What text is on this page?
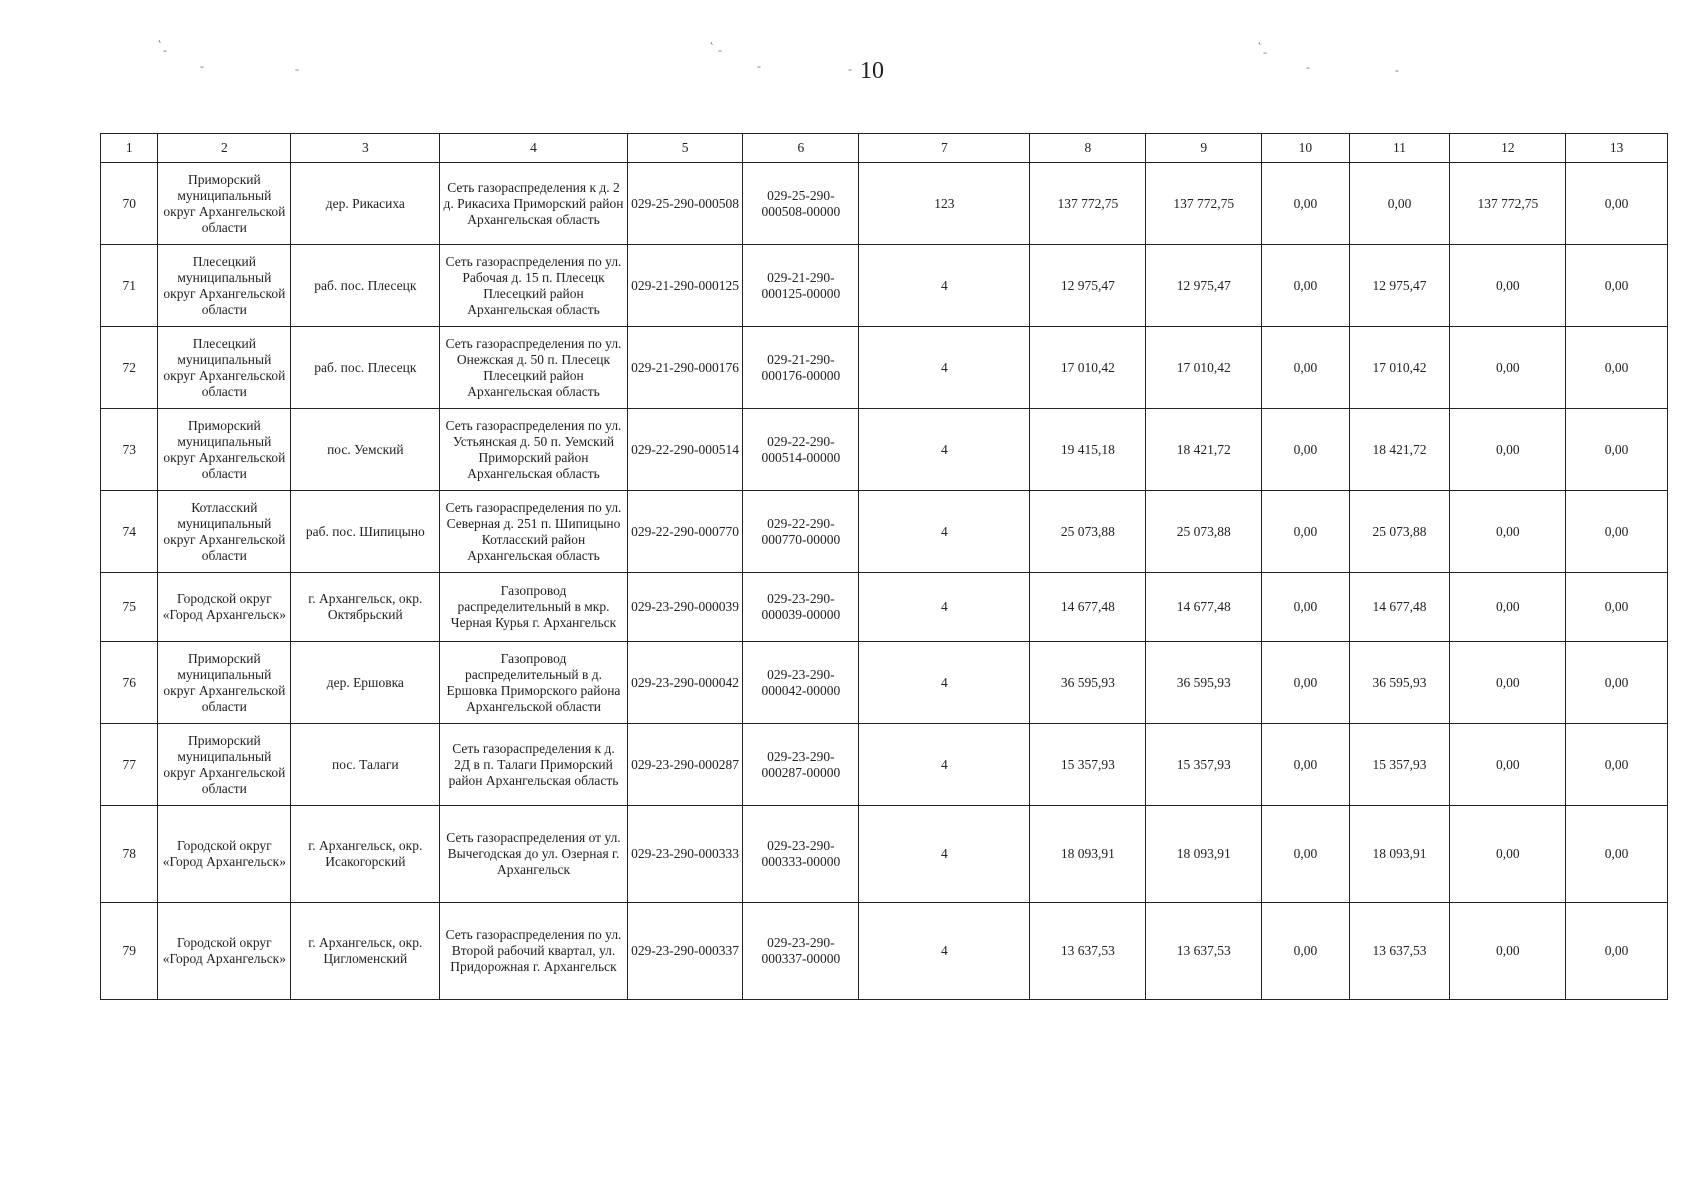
˛
-
-	-
˛
-
-
˛
-
-	-
- 10
1	2	3	4	5	6	7	8	9	10	11	12	13
70	Приморский муниципальный округ Архангельской области	дер. Рикасиха	Сеть газораспределения к д. 2 д. Рикасиха Приморский район Архангельская область	029-25-290-000508	029-25-290-000508-00000	123	137 772,75	137 772,75	0,00	0,00	137 772,75	0,00
71	Плесецкий муниципальный округ Архангельской области	раб. пос. Плесецк	Сеть газораспределения по ул. Рабочая д. 15 п. Плесецк Плесецкий район Архангельская область	029-21-290-000125	029-21-290-000125-00000	4	12 975,47	12 975,47	0,00	12 975,47	0,00	0,00
72	Плесецкий муниципальный округ Архангельской области	раб. пос. Плесецк	Сеть газораспределения по ул. Онежская д. 50 п. Плесецк Плесецкий район Архангельская область	029-21-290-000176	029-21-290-000176-00000	4	17 010,42	17 010,42	0,00	17 010,42	0,00	0,00
73	Приморский муниципальный округ Архангельской области	пос. Уемский	Сеть газораспределения по ул. Устьянская д. 50 п. Уемский Приморский район Архангельская область	029-22-290-000514	029-22-290-000514-00000	4	19 415,18	18 421,72	0,00	18 421,72	0,00	0,00
74	Котласский муниципальный округ Архангельской области	раб. пос. Шипицыно	Сеть газораспределения по ул. Северная д. 251 п. Шипицыно Котласский район Архангельская область	029-22-290-000770	029-22-290-000770-00000	4	25 073,88	25 073,88	0,00	25 073,88	0,00	0,00
75	Городской округ «Город Архангельск»	г. Архангельск, окр. Октябрьский	Газопровод распределительный в мкр. Черная Курья г. Архангельск	029-23-290-000039	029-23-290-000039-00000	4	14 677,48	14 677,48	0,00	14 677,48	0,00	0,00
76	Приморский муниципальный округ Архангельской области	дер. Ершовка	Газопровод распределительный в д. Ершовка Приморского района Архангельской области	029-23-290-000042	029-23-290-000042-00000	4	36 595,93	36 595,93	0,00	36 595,93	0,00	0,00
77	Приморский муниципальный округ Архангельской области	пос. Талаги	Сеть газораспределения к д. 2Д в п. Талаги Приморский район Архангельская область	029-23-290-000287	029-23-290-000287-00000	4	15 357,93	15 357,93	0,00	15 357,93	0,00	0,00
78	Городской округ «Город Архангельск»	г. Архангельск, окр. Исакогорский	Сеть газораспределения от ул. Вычегодская до ул. Озерная г. Архангельск	029-23-290-000333	029-23-290-000333-00000	4	18 093,91	18 093,91	0,00	18 093,91	0,00	0,00
79	Городской округ «Город Архангельск»	г. Архангельск, окр. Цигломенский	Сеть газораспределения по ул. Второй рабочий квартал, ул. Придорожная г. Архангельск	029-23-290-000337	029-23-290-000337-00000	4	13 637,53	13 637,53	0,00	13 637,53	0,00	0,00
